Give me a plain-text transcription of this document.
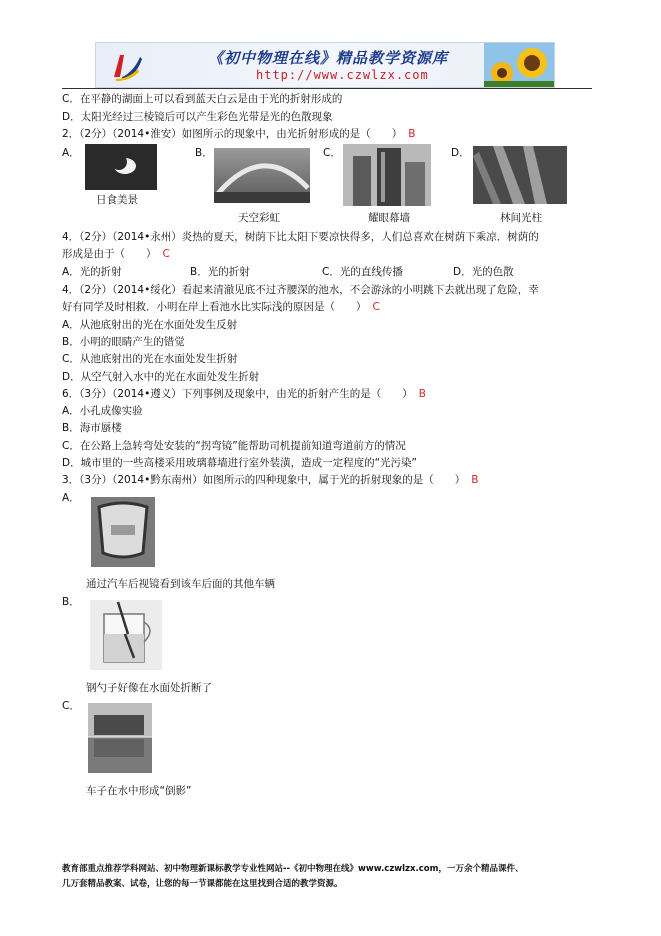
《初中物理在线》精品教学资源库
http://www.czwlzx.com
C．在平静的湖面上可以看到蓝天白云是由于光的折射形成的
D．太阳光经过三棱镜后可以产生彩色光带是光的色散现象
2．（2分）（2014•淮安）如图所示的现象中，由光折射形成的是（　　） B
A．
日食美景
B．
天空彩虹
C．
耀眼幕墙
D．
林间光柱
4．（2分）（2014•永州）炎热的夏天，树荫下比太阳下要凉快得多，人们总喜欢在树荫下乘凉．树荫的
形成是由于（　　） C
A．光的折射	B．光的折射	C．光的直线传播	D．光的色散
4．（2分）（2014•绥化）看起来清澈见底不过齐腰深的池水，不会游泳的小明跳下去就出现了危险，幸
好有同学及时相救．小明在岸上看池水比实际浅的原因是（　　） C
A．从池底射出的光在水面处发生反射
B．小明的眼睛产生的错觉
C．从池底射出的光在水面处发生折射
D．从空气射入水中的光在水面处发生折射
6．（3分）（2014•遵义）下列事例及现象中，由光的折射产生的是（　　） B
A．小孔成像实验
B．海市蜃楼
C．在公路上急转弯处安装的“拐弯镜”能帮助司机提前知道弯道前方的情况
D．城市里的一些高楼采用玻璃幕墙进行室外装潢，造成一定程度的“光污染”
3．（3分）（2014•黔东南州）如图所示的四种现象中，属于光的折射现象的是（　　） B
A．
通过汽车后视镜看到该车后面的其他车辆
B．
钢勺子好像在水面处折断了
C．
车子在水中形成“倒影”
教育部重点推荐学科网站、初中物理新课标教学专业性网站--《初中物理在线》www.czwlzx.com，一万余个精品课件、
几万套精品教案、试卷，让您的每一节课都能在这里找到合适的教学资源。
